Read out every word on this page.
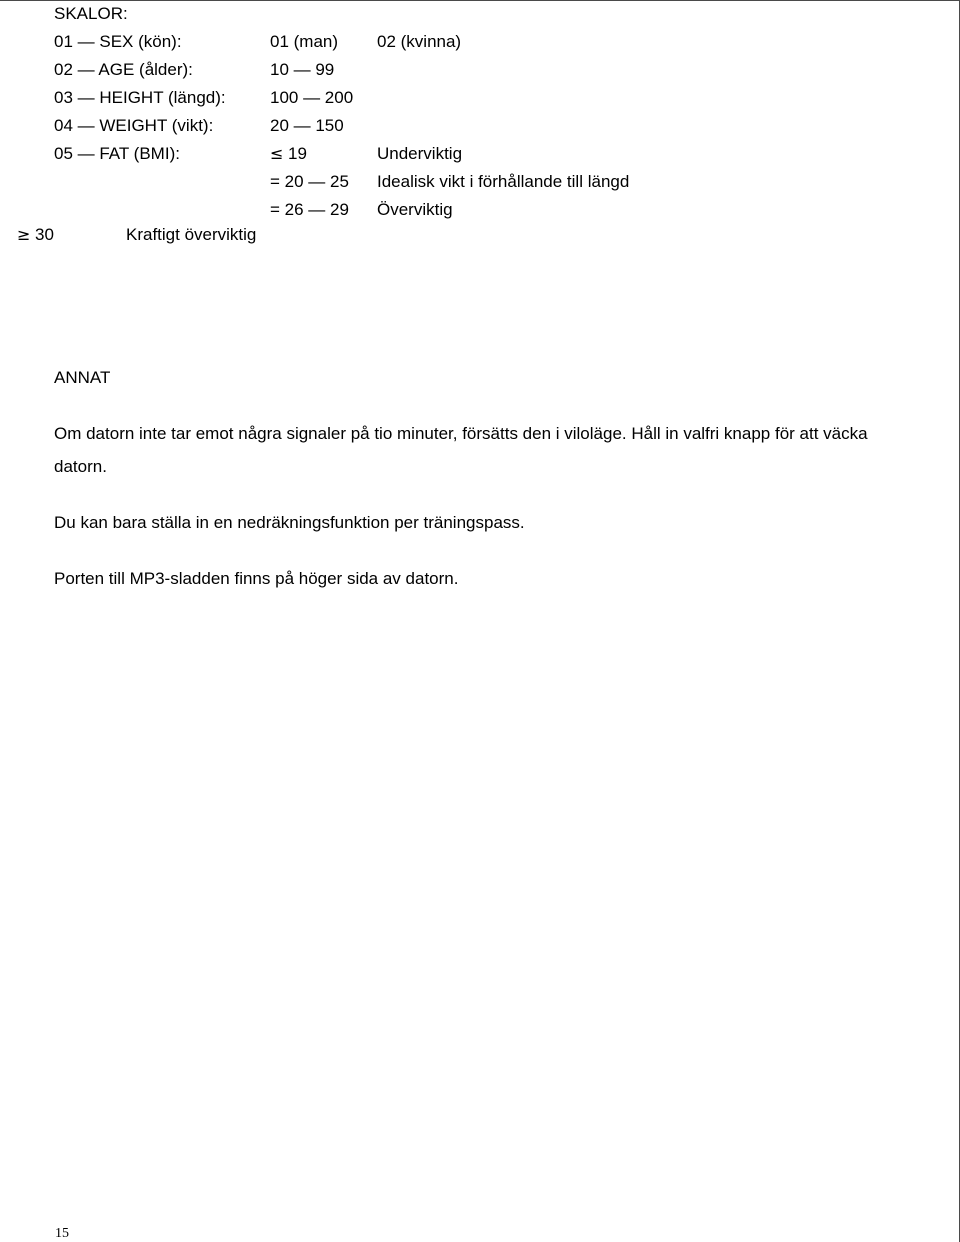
SKALOR:
01 — SEX (kön):	01 (man) 02 (kvinna)
02 — AGE (ålder):	10 — 99
03 — HEIGHT (längd):	100 — 200
04 — WEIGHT (vikt):	20 — 150
05 — FAT (BMI):	≤ 19	Underviktig
= 20 — 25 Idealisk vikt i förhållande till längd
= 26 — 29 Överviktig
≥ 30	Kraftigt överviktig
ANNAT
Om datorn inte tar emot några signaler på tio minuter, försätts den i viloläge. Håll in valfri knapp för att väcka
datorn.
Du kan bara ställa in en nedräkningsfunktion per träningspass.
Porten till MP3-sladden finns på höger sida av datorn.
15
